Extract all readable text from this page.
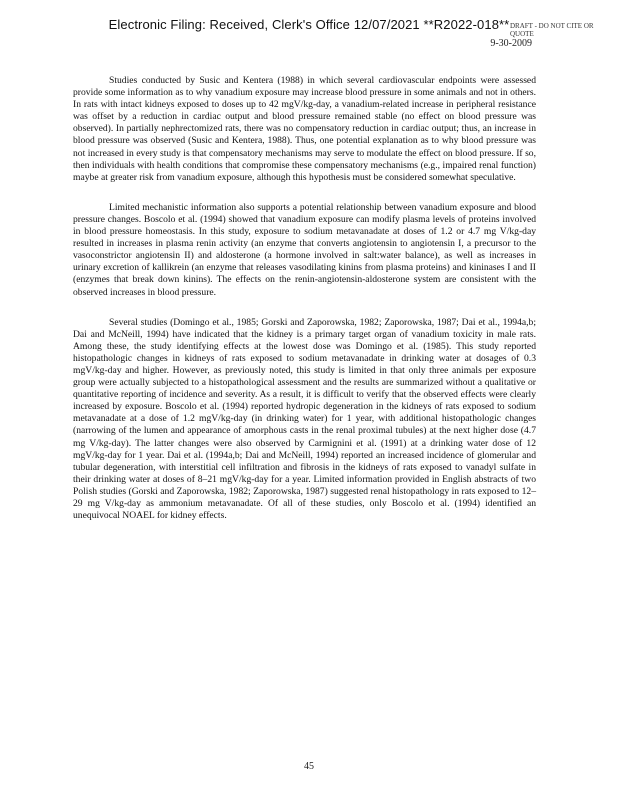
Electronic Filing: Received, Clerk's Office 12/07/2021 **R2022-018** DRAFT - DO NOT CITE OR QUOTE
9-30-2009

Studies conducted by Susic and Kentera (1988) in which several cardiovascular endpoints were assessed provide some information as to why vanadium exposure may increase blood pressure in some animals and not in others. In rats with intact kidneys exposed to doses up to 42 mgV/kg-day, a vanadium-related increase in peripheral resistance was offset by a reduction in cardiac output and blood pressure remained stable (no effect on blood pressure was observed). In partially nephrectomized rats, there was no compensatory reduction in cardiac output; thus, an increase in blood pressure was observed (Susic and Kentera, 1988). Thus, one potential explanation as to why blood pressure was not increased in every study is that compensatory mechanisms may serve to modulate the effect on blood pressure. If so, then individuals with health conditions that compromise these compensatory mechanisms (e.g., impaired renal function) maybe at greater risk from vanadium exposure, although this hypothesis must be considered somewhat speculative.

Limited mechanistic information also supports a potential relationship between vanadium exposure and blood pressure changes. Boscolo et al. (1994) showed that vanadium exposure can modify plasma levels of proteins involved in blood pressure homeostasis. In this study, exposure to sodium metavanadate at doses of 1.2 or 4.7 mg V/kg-day resulted in increases in plasma renin activity (an enzyme that converts angiotensin to angiotensin I, a precursor to the vasoconstrictor angiotensin II) and aldosterone (a hormone involved in salt:water balance), as well as increases in urinary excretion of kallikrein (an enzyme that releases vasodilating kinins from plasma proteins) and kininases I and II (enzymes that break down kinins). The effects on the renin-angiotensin-aldosterone system are consistent with the observed increases in blood pressure.

Several studies (Domingo et al., 1985; Gorski and Zaporowska, 1982; Zaporowska, 1987; Dai et al., 1994a,b; Dai and McNeill, 1994) have indicated that the kidney is a primary target organ of vanadium toxicity in male rats. Among these, the study identifying effects at the lowest dose was Domingo et al. (1985). This study reported histopathologic changes in kidneys of rats exposed to sodium metavanadate in drinking water at dosages of 0.3 mgV/kg-day and higher. However, as previously noted, this study is limited in that only three animals per exposure group were actually subjected to a histopathological assessment and the results are summarized without a qualitative or quantitative reporting of incidence and severity. As a result, it is difficult to verify that the observed effects were clearly increased by exposure. Boscolo et al. (1994) reported hydropic degeneration in the kidneys of rats exposed to sodium metavanadate at a dose of 1.2 mgV/kg-day (in drinking water) for 1 year, with additional histopathologic changes (narrowing of the lumen and appearance of amorphous casts in the renal proximal tubules) at the next higher dose (4.7 mg V/kg-day). The latter changes were also observed by Carmignini et al. (1991) at a drinking water dose of 12 mgV/kg-day for 1 year. Dai et al. (1994a,b; Dai and McNeill, 1994) reported an increased incidence of glomerular and tubular degeneration, with interstitial cell infiltration and fibrosis in the kidneys of rats exposed to vanadyl sulfate in their drinking water at doses of 8–21 mgV/kg-day for a year. Limited information provided in English abstracts of two Polish studies (Gorski and Zaporowska, 1982; Zaporowska, 1987) suggested renal histopathology in rats exposed to 12–29 mg V/kg-day as ammonium metavanadate. Of all of these studies, only Boscolo et al. (1994) identified an unequivocal NOAEL for kidney effects.

45
